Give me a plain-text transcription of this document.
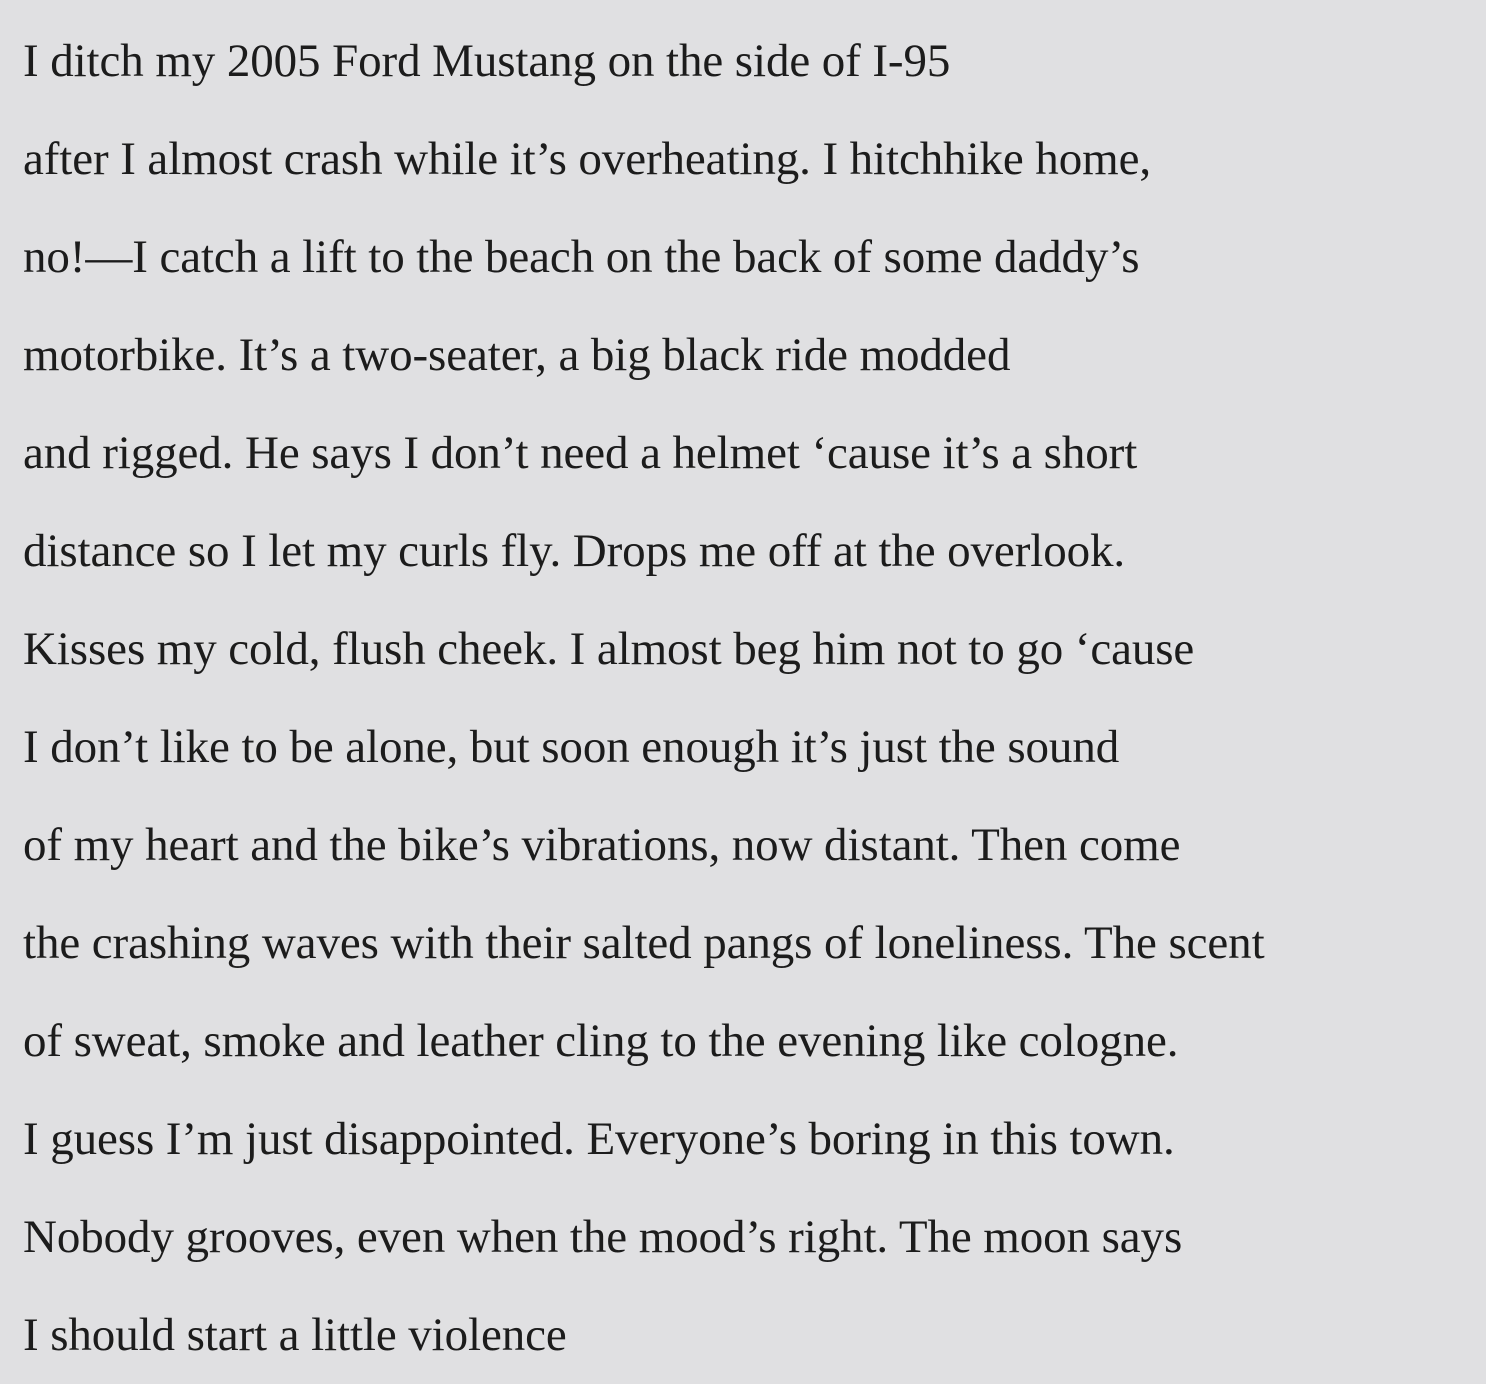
I ditch my 2005 Ford Mustang on the side of I-95
after I almost crash while it’s overheating. I hitchhike home,
no!—I catch a lift to the beach on the back of some daddy’s
motorbike. It’s a two-seater, a big black ride modded
and rigged. He says I don’t need a helmet ‘cause it’s a short
distance so I let my curls fly. Drops me off at the overlook.
Kisses my cold, flush cheek. I almost beg him not to go ‘cause
I don’t like to be alone, but soon enough it’s just the sound
of my heart and the bike’s vibrations, now distant. Then come
the crashing waves with their salted pangs of loneliness. The scent
of sweat, smoke and leather cling to the evening like cologne.
I guess I’m just disappointed. Everyone’s boring in this town.
Nobody grooves, even when the mood’s right. The moon says
I should start a little violence
